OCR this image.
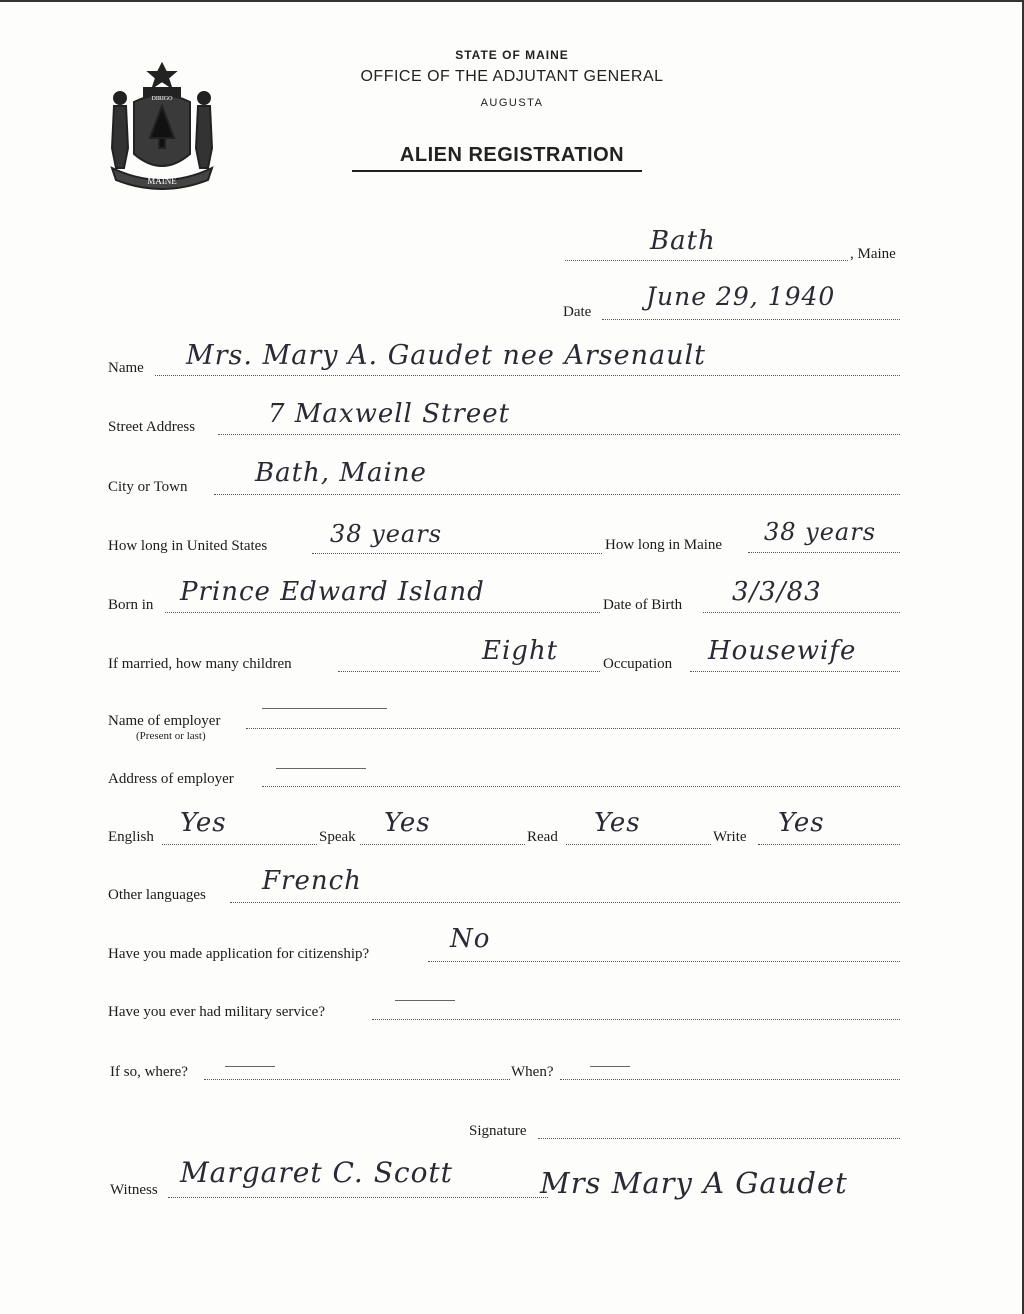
MAINE
DIRIGO
STATE OF MAINE
OFFICE OF THE ADJUTANT GENERAL
AUGUSTA
ALIEN REGISTRATION
Bath	, Maine
Date
June 29, 1940
Name Mrs. Mary A. Gaudet nee Arsenault
Street Address	7 Maxwell Street
City or Town	Bath, Maine
How long in United States	38 years	How long in Maine 38 years
Born in Prince Edward Island	Date of Birth 3/3/83
If married, how many children	Eight	Occupation Housewife
Name of employer
(Present or last)
Address of employer
English Yes	Speak Yes	Read Yes	Write Yes
Other languages French
Have you made application for citizenship?	No
Have you ever had military service?
If so, where?	When?
Signature
Mrs Mary A Gaudet
Witness
Margaret C. Scott
